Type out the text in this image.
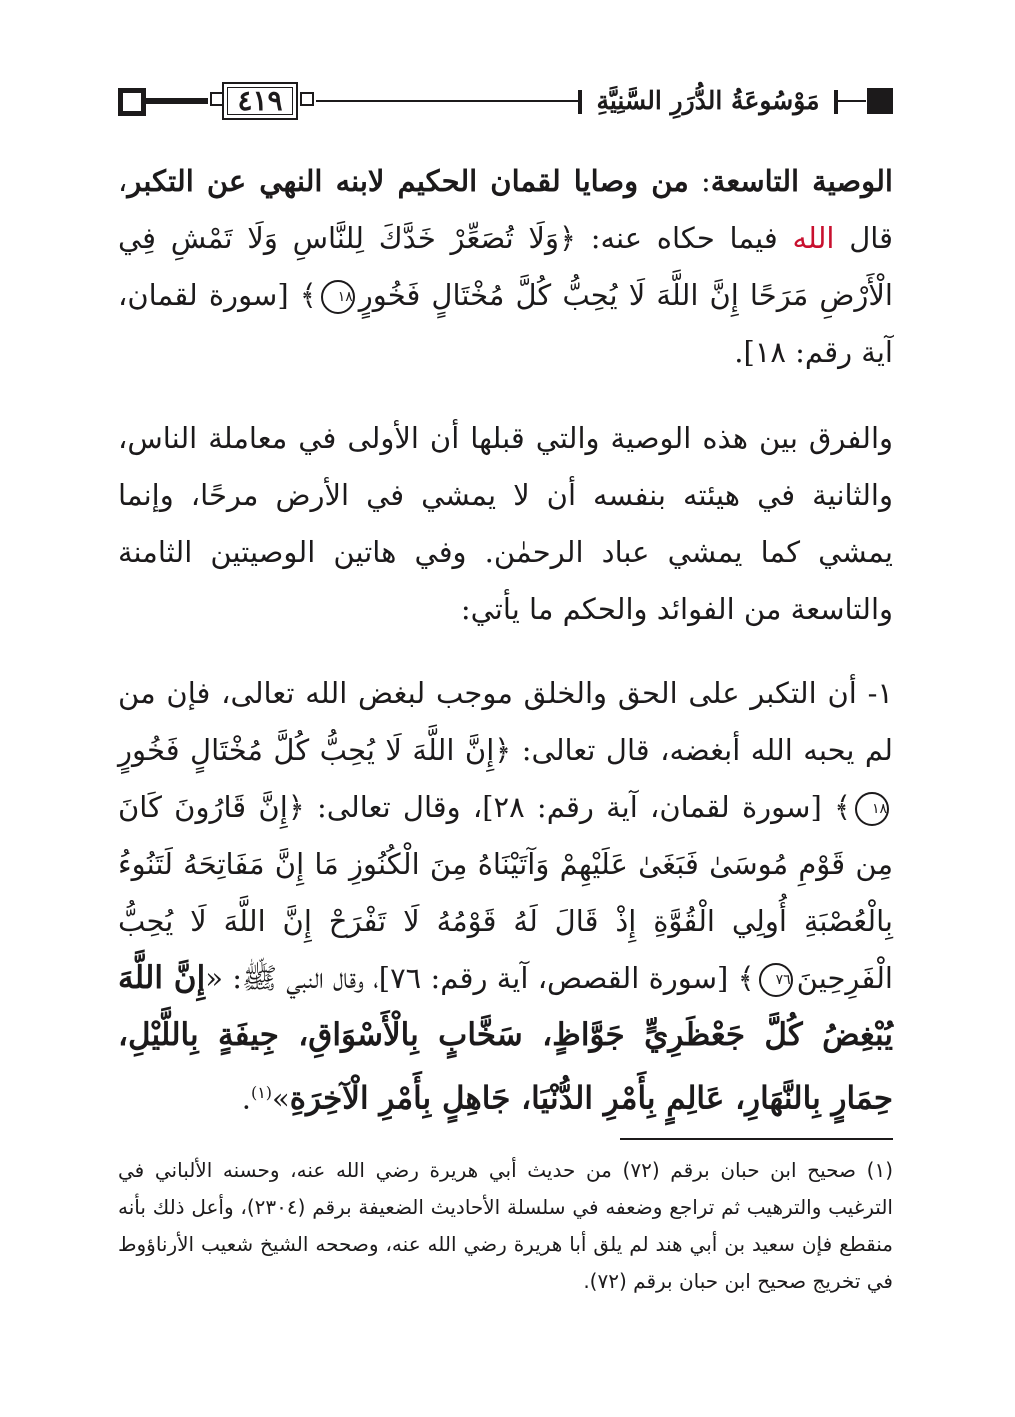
٤١٩	مَوْسُوعَةُ الدُّرَرِ السَّنِيَّةِ
الوصية التاسعة: من وصايا لقمان الحكيم لابنه النهي عن التكبر، قال الله فيما حكاه عنه: ﴿وَلَا تُصَعِّرْ خَدَّكَ لِلنَّاسِ وَلَا تَمْشِ فِي الْأَرْضِ مَرَحًا إِنَّ اللَّهَ لَا يُحِبُّ كُلَّ مُخْتَالٍ فَخُورٍ١٨﴾ [سورة لقمان، آية رقم: ١٨].
والفرق بين هذه الوصية والتي قبلها أن الأولى في معاملة الناس، والثانية في هيئته بنفسه أن لا يمشي في الأرض مرحًا، وإنما يمشي كما يمشي عباد الرحمٰن. وفي هاتين الوصيتين الثامنة والتاسعة من الفوائد والحكم ما يأتي:
١- أن التكبر على الحق والخلق موجب لبغض الله تعالى، فإن من لم يحبه الله أبغضه، قال تعالى: ﴿إِنَّ اللَّهَ لَا يُحِبُّ كُلَّ مُخْتَالٍ فَخُورٍ١٨﴾ [سورة لقمان، آية رقم: ٢٨]، وقال تعالى: ﴿إِنَّ قَارُونَ كَانَ مِن قَوْمِ مُوسَىٰ فَبَغَىٰ عَلَيْهِمْ وَآتَيْنَاهُ مِنَ الْكُنُوزِ مَا إِنَّ مَفَاتِحَهُ لَتَنُوءُ بِالْعُصْبَةِ أُولِي الْقُوَّةِ إِذْ قَالَ لَهُ قَوْمُهُ لَا تَفْرَحْ إِنَّ اللَّهَ لَا يُحِبُّ الْفَرِحِينَ٧٦﴾ [سورة القصص، آية رقم: ٧٦]، وقال النبي ﷺ: «إِنَّ اللَّهَ يُبْغِضُ كُلَّ جَعْظَرِيٍّ جَوَّاظٍ، سَخَّابٍ بِالْأَسْوَاقِ، جِيفَةٍ بِاللَّيْلِ، حِمَارٍ بِالنَّهَارِ، عَالِمٍ بِأَمْرِ الدُّنْيَا، جَاهِلٍ بِأَمْرِ الْآخِرَةِ»$^{(١)}$.
(١) صحيح ابن حبان برقم (٧٢) من حديث أبي هريرة رضي الله عنه، وحسنه الألباني في الترغيب والترهيب ثم تراجع وضعفه في سلسلة الأحاديث الضعيفة برقم (٢٣٠٤)، وأعل ذلك بأنه منقطع فإن سعيد بن أبي هند لم يلق أبا هريرة رضي الله عنه، وصححه الشيخ شعيب الأرناؤوط في تخريج صحيح ابن حبان برقم (٧٢).
